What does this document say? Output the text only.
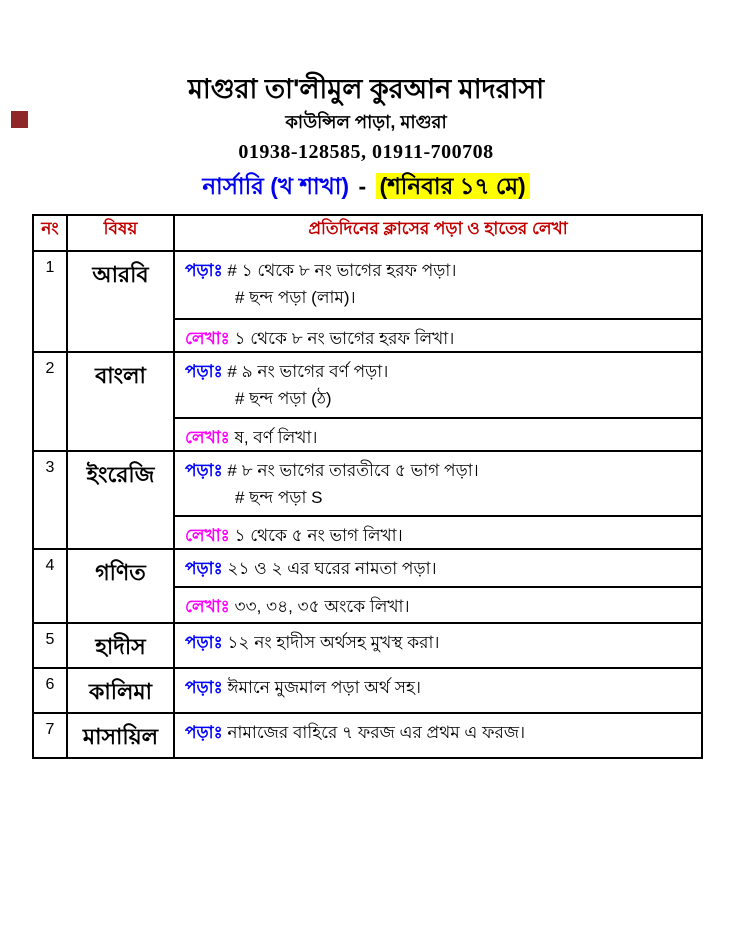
মাগুরা তা'লীমুল কুরআন মাদরাসা
কাউন্সিল পাড়া, মাগুরা
01938-128585, 01911-700708
নার্সারি (খ শাখা) - (শনিবার ১৭ মে)
নং	বিষয়	প্রতিদিনের ক্লাসের পড়া ও হাতের লেখা
1	আরবি	পড়াঃ # ১ থেকে ৮ নং ভাগের হরফ পড়া।
# ছন্দ পড়া (লাম)।
লেখাঃ ১ থেকে ৮ নং ভাগের হরফ লিখা।

2	বাংলা	পড়াঃ # ৯ নং ভাগের বর্ণ পড়া।
# ছন্দ পড়া (ঠ)
লেখাঃ ষ, বর্ণ লিখা।

3	ইংরেজি	পড়াঃ # ৮ নং ভাগের তারতীবে ৫ ভাগ পড়া।
# ছন্দ পড়া S
লেখাঃ ১ থেকে ৫ নং ভাগ লিখা।

4	গণিত	পড়াঃ ২১ ও ২ এর ঘরের নামতা পড়া।
লেখাঃ ৩৩, ৩৪, ৩৫ অংকে লিখা।

5	হাদীস	পড়াঃ ১২ নং হাদীস অর্থসহ মুখস্থ করা।

6	কালিমা	পড়াঃ ঈমানে মুজমাল পড়া অর্থ সহ।

7	মাসায়িল	পড়াঃ নামাজের বাহিরে ৭ ফরজ এর প্রথম এ ফরজ।
